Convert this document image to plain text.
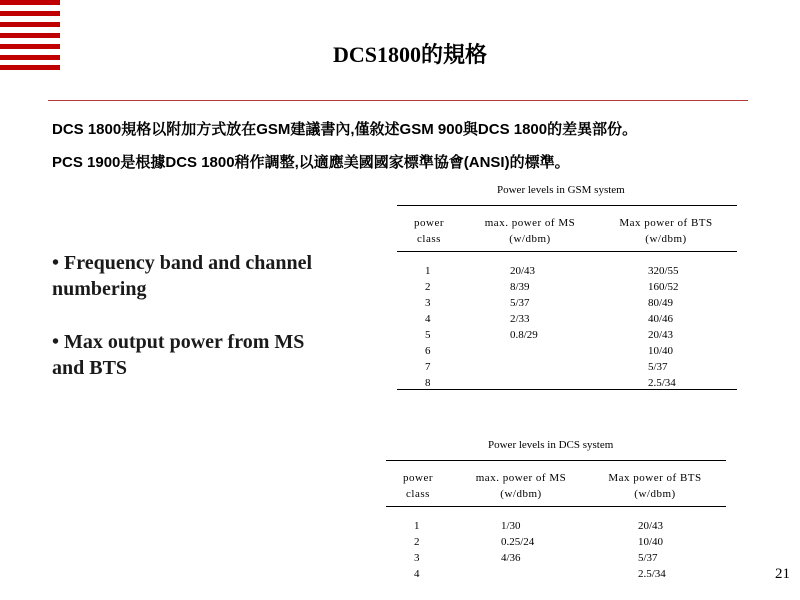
DCS1800的規格
DCS 1800規格以附加方式放在GSM建議書內,僅敘述GSM 900與DCS 1800的差異部份。
PCS 1900是根據DCS 1800稍作調整,以適應美國國家標準協會(ANSI)的標準。
• Frequency band and channel numbering
• Max output power from MS and BTS
Power levels in GSM system
power
class
max. power of MS
(w/dbm)
Max power of BTS
(w/dbm)
1
2
3
4
5
6
7
8
20/43
8/39
5/37
2/33
0.8/29
320/55
160/52
80/49
40/46
20/43
10/40
5/37
2.5/34
Power levels in DCS system
power
class
max. power of MS
(w/dbm)
Max power of BTS
(w/dbm)
1
2
3
4
1/30
0.25/24
4/36
20/43
10/40
5/37
2.5/34	21
